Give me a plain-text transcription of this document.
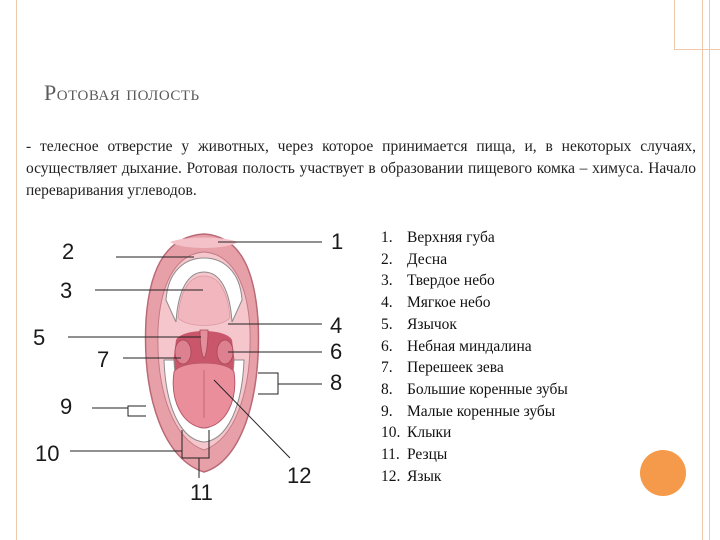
Ротовая полость
- телесное отверстие у животных, через которое принимается пища, и, в некоторых случаях, осуществляет дыхание. Ротовая полость участвует в образовании пищевого комка – химуса. Начало переваривания углеводов.
1
2
3
4
5
6
7
8
9
10
11
12
1. Верхняя губа
2. Десна
3. Твердое небо
4. Мягкое небо
5. Язычок
6. Небная миндалина
7. Перешеек зева
8. Большие коренные зубы
9. Малые коренные зубы
10. Клыки
11. Резцы
12. Язык
